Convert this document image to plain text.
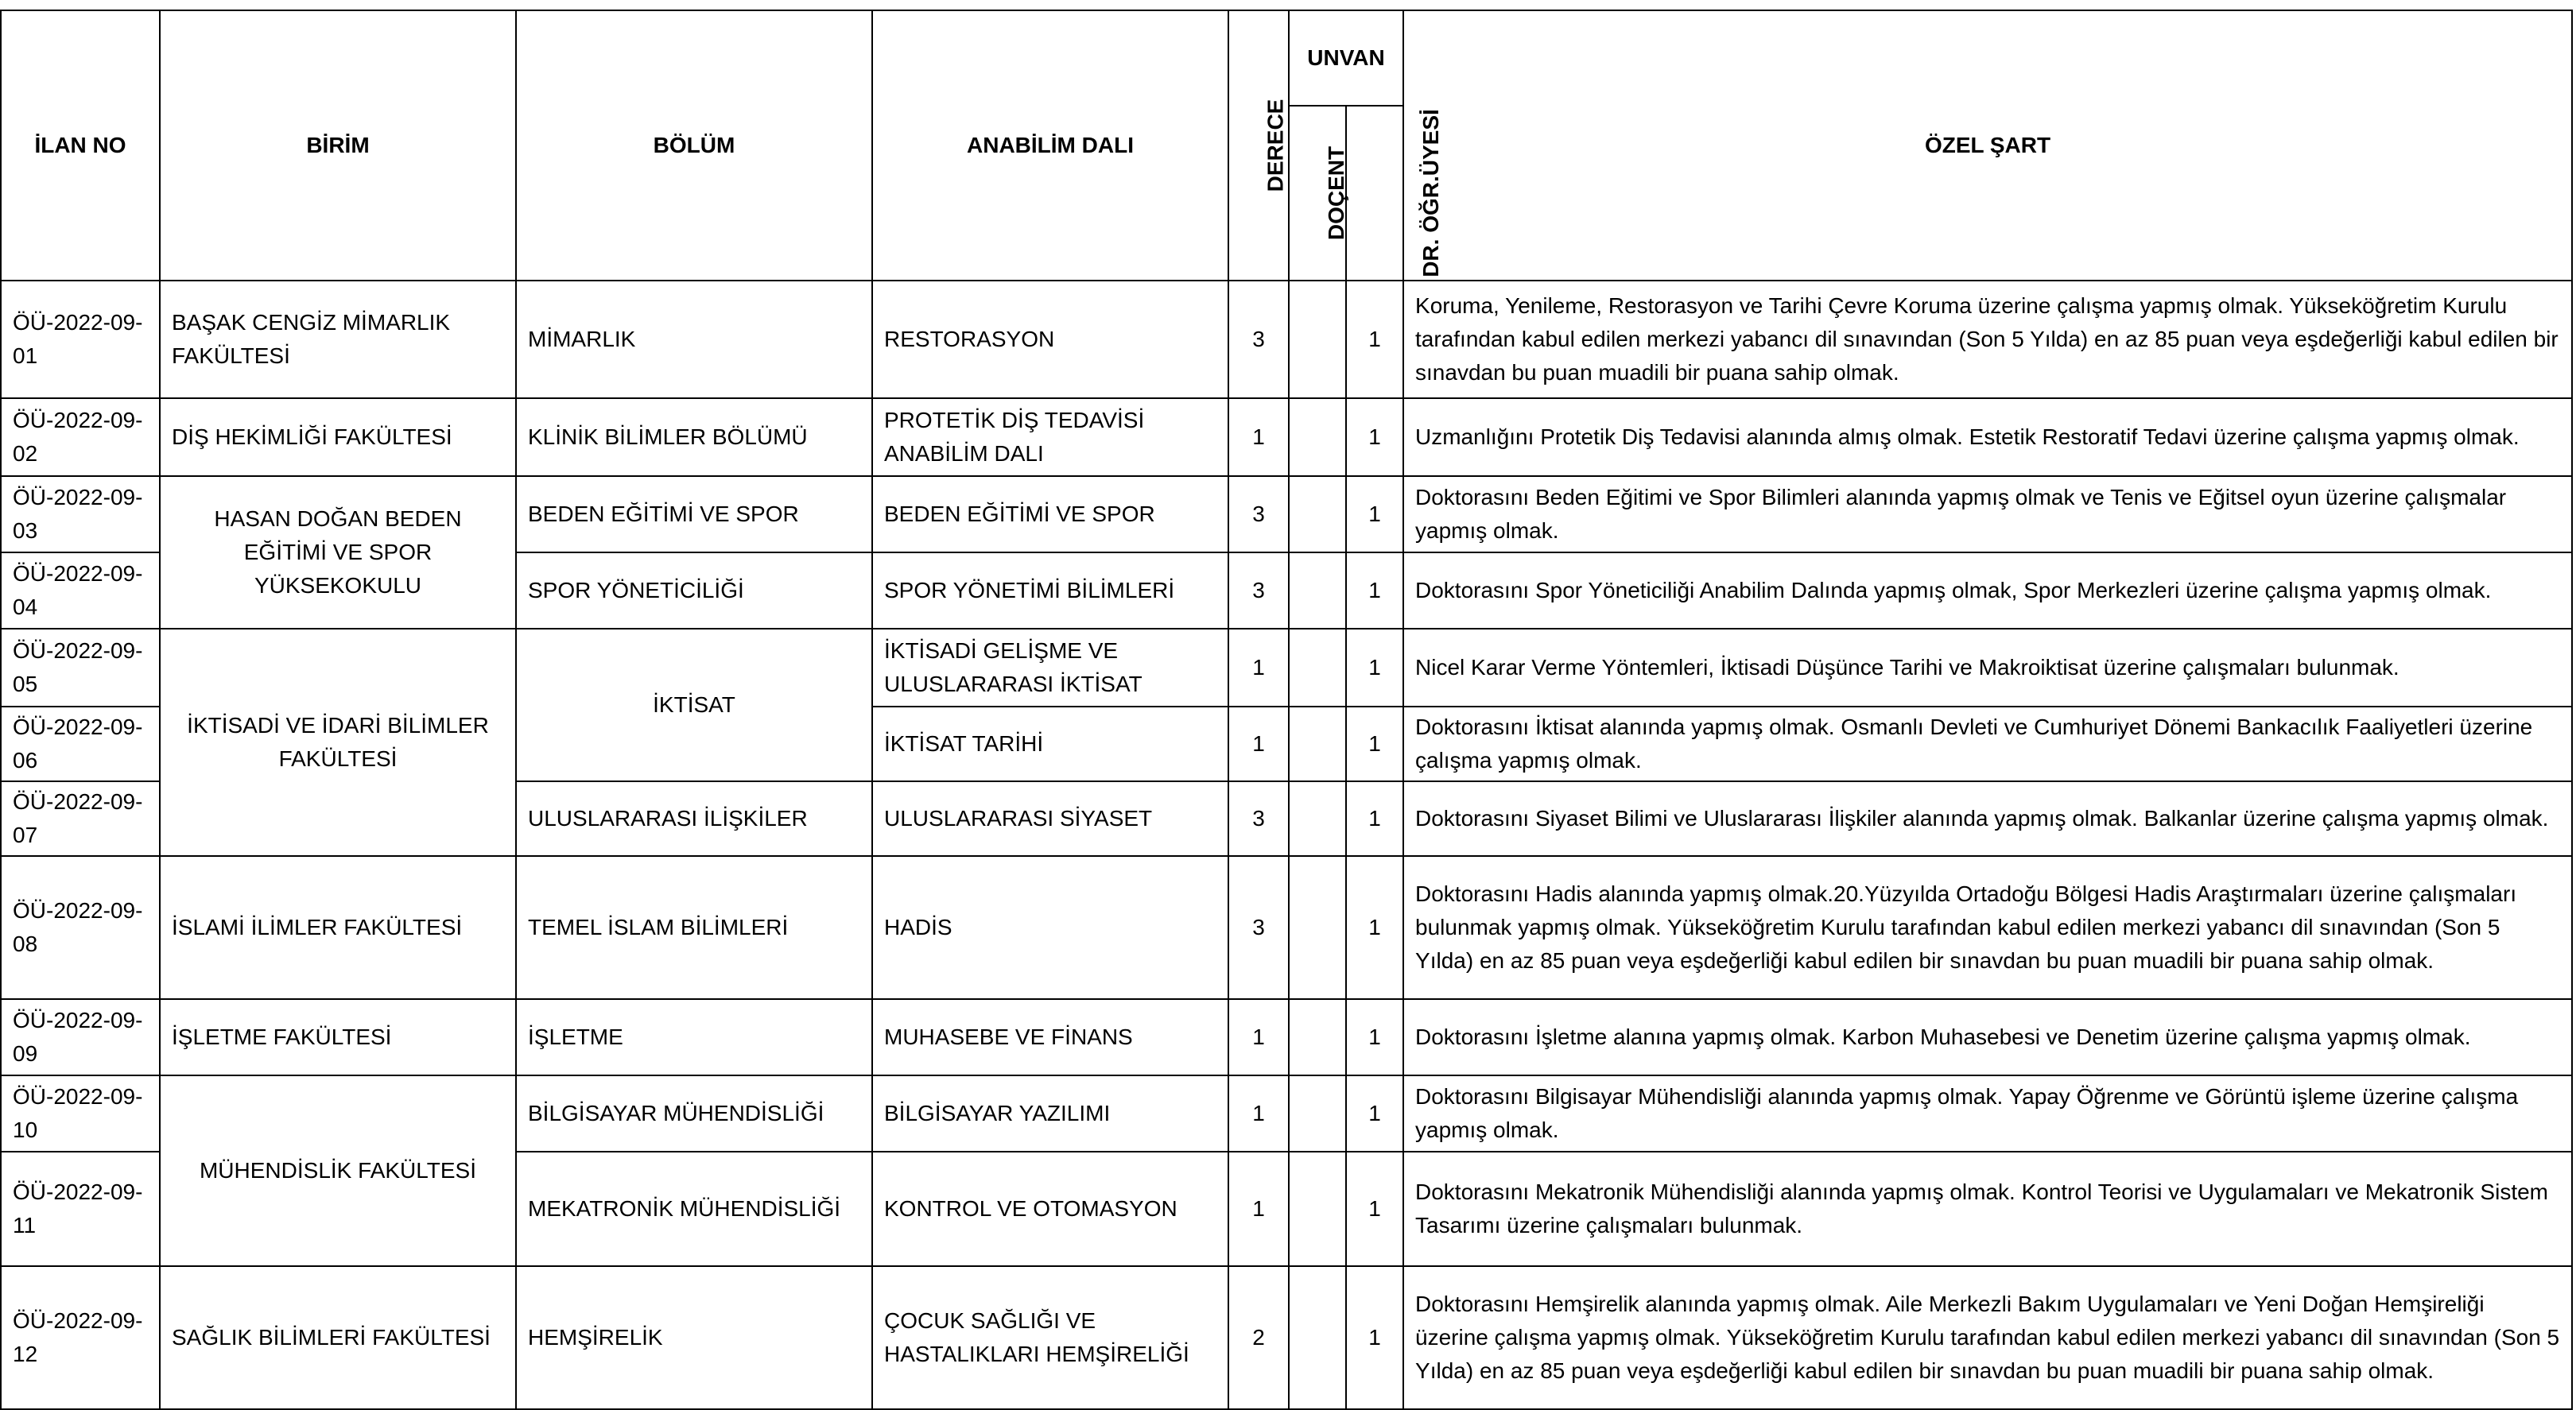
İLAN NO	BİRİM	BÖLÜM	ANABİLİM DALI	DERECE	UNVAN		ÖZEL ŞART
					DOÇENT	DR. ÖĞR.ÜYESİ	
ÖÜ-2022-09-01	BAŞAK CENGİZ MİMARLIK FAKÜLTESİ	MİMARLIK	RESTORASYON	3		1	Koruma, Yenileme, Restorasyon ve Tarihi Çevre Koruma üzerine çalışma yapmış olmak. Yükseköğretim Kurulu tarafından kabul edilen merkezi yabancı dil sınavından (Son 5 Yılda) en az 85 puan veya eşdeğerliği kabul edilen bir sınavdan bu puan muadili bir puana sahip olmak.
ÖÜ-2022-09-02	DİŞ HEKİMLİĞİ FAKÜLTESİ	KLİNİK BİLİMLER BÖLÜMÜ	PROTETİK DİŞ TEDAVİSİ ANABİLİM DALI	1		1	Uzmanlığını Protetik Diş Tedavisi alanında almış olmak. Estetik Restoratif Tedavi üzerine çalışma yapmış olmak.
ÖÜ-2022-09-03	HASAN DOĞAN BEDEN EĞİTİMİ VE SPOR YÜKSEKOKULU	BEDEN EĞİTİMİ VE SPOR	BEDEN EĞİTİMİ VE SPOR	3		1	Doktorasını Beden Eğitimi ve Spor Bilimleri alanında yapmış olmak ve Tenis ve Eğitsel oyun üzerine çalışmalar yapmış olmak.
ÖÜ-2022-09-04		SPOR YÖNETİCİLİĞİ	SPOR YÖNETİMİ BİLİMLERİ	3		1	Doktorasını Spor Yöneticiliği Anabilim Dalında yapmış olmak, Spor Merkezleri üzerine çalışma yapmış olmak.
ÖÜ-2022-09-05	İKTİSADİ VE İDARİ BİLİMLER FAKÜLTESİ	İKTİSAT	İKTİSADİ GELİŞME VE ULUSLARARASI İKTİSAT	1		1	Nicel Karar Verme Yöntemleri, İktisadi Düşünce Tarihi ve Makroiktisat üzerine çalışmaları bulunmak.
ÖÜ-2022-09-06			İKTİSAT TARİHİ	1		1	Doktorasını İktisat alanında yapmış olmak. Osmanlı Devleti ve Cumhuriyet Dönemi Bankacılık Faaliyetleri üzerine çalışma yapmış olmak.
ÖÜ-2022-09-07		ULUSLARARASI İLİŞKİLER	ULUSLARARASI SİYASET	3		1	Doktorasını Siyaset Bilimi ve Uluslararası İlişkiler alanında yapmış olmak. Balkanlar üzerine çalışma yapmış olmak.
ÖÜ-2022-09-08	İSLAMİ İLİMLER FAKÜLTESİ	TEMEL İSLAM BİLİMLERİ	HADİS	3		1	Doktorasını Hadis alanında yapmış olmak.20.Yüzyılda Ortadoğu Bölgesi Hadis Araştırmaları üzerine çalışmaları bulunmak yapmış olmak. Yükseköğretim Kurulu tarafından kabul edilen merkezi yabancı dil sınavından (Son 5 Yılda) en az 85 puan veya eşdeğerliği kabul edilen bir sınavdan bu puan muadili bir puana sahip olmak.
ÖÜ-2022-09-09	İŞLETME FAKÜLTESİ	İŞLETME	MUHASEBE VE FİNANS	1		1	Doktorasını İşletme alanına yapmış olmak. Karbon Muhasebesi ve Denetim üzerine çalışma yapmış olmak.
ÖÜ-2022-09-10	MÜHENDİSLİK FAKÜLTESİ	BİLGİSAYAR MÜHENDİSLİĞİ	BİLGİSAYAR YAZILIMI	1		1	Doktorasını Bilgisayar Mühendisliği alanında yapmış olmak. Yapay Öğrenme ve Görüntü işleme üzerine çalışma yapmış olmak.
ÖÜ-2022-09-11		MEKATRONİK MÜHENDİSLİĞİ	KONTROL VE OTOMASYON	1		1	Doktorasını Mekatronik Mühendisliği alanında yapmış olmak. Kontrol Teorisi ve Uygulamaları ve Mekatronik Sistem Tasarımı üzerine çalışmaları bulunmak.
ÖÜ-2022-09-12	SAĞLIK BİLİMLERİ FAKÜLTESİ	HEMŞİRELİK	ÇOCUK SAĞLIĞI VE HASTALIKLARI HEMŞİRELİĞİ	2		1	Doktorasını Hemşirelik alanında yapmış olmak. Aile Merkezli Bakım Uygulamaları ve Yeni Doğan Hemşireliği üzerine çalışma yapmış olmak. Yükseköğretim Kurulu tarafından kabul edilen merkezi yabancı dil sınavından (Son 5 Yılda) en az 85 puan veya eşdeğerliği kabul edilen bir sınavdan bu puan muadili bir puana sahip olmak.
